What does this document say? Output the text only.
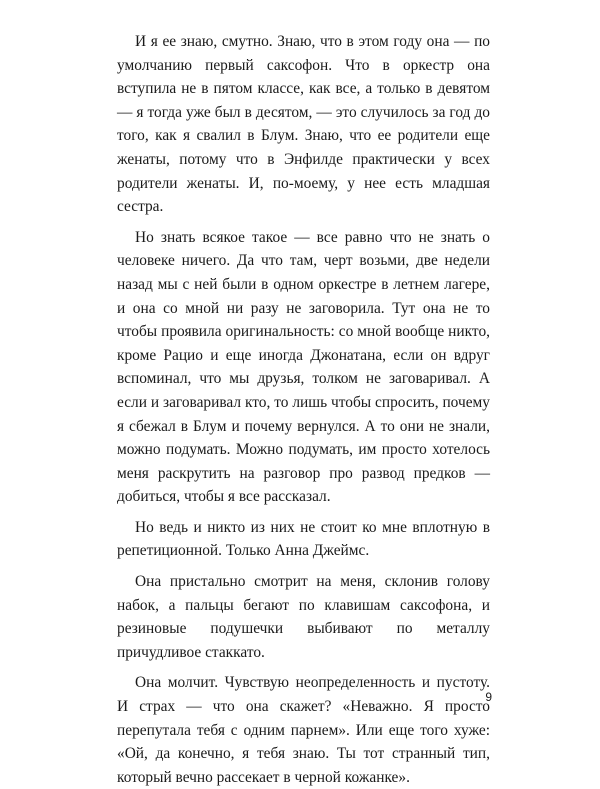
И я ее знаю, смутно. Знаю, что в этом году она — по умолчанию первый саксофон. Что в оркестр она вступила не в пятом классе, как все, а только в девятом — я тогда уже был в десятом, — это случилось за год до того, как я свалил в Блум. Знаю, что ее родители еще женаты, потому что в Энфилде практически у всех родители женаты. И, по-моему, у нее есть младшая сестра.

Но знать всякое такое — все равно что не знать о человеке ничего. Да что там, черт возьми, две недели назад мы с ней были в одном оркестре в летнем лагере, и она со мной ни разу не заговорила. Тут она не то чтобы проявила оригинальность: со мной вообще никто, кроме Рацио и еще иногда Джонатана, если он вдруг вспоминал, что мы друзья, толком не заговаривал. А если и заговаривал кто, то лишь чтобы спросить, почему я сбежал в Блум и почему вернулся. А то они не знали, можно подумать. Можно подумать, им просто хотелось меня раскрутить на разговор про развод предков — добиться, чтобы я все рассказал.

Но ведь и никто из них не стоит ко мне вплотную в репетиционной. Только Анна Джеймс.

Она пристально смотрит на меня, склонив голову набок, а пальцы бегают по клавишам саксофона, и резиновые подушечки выбивают по металлу причудливое стаккато.

Она молчит. Чувствую неопределенность и пустоту. И страх — что она скажет? «Неважно. Я просто перепутала тебя с одним парнем». Или еще того хуже: «Ой, да конечно, я тебя знаю. Ты тот странный тип, который вечно рассекает в черной кожанке».

9
